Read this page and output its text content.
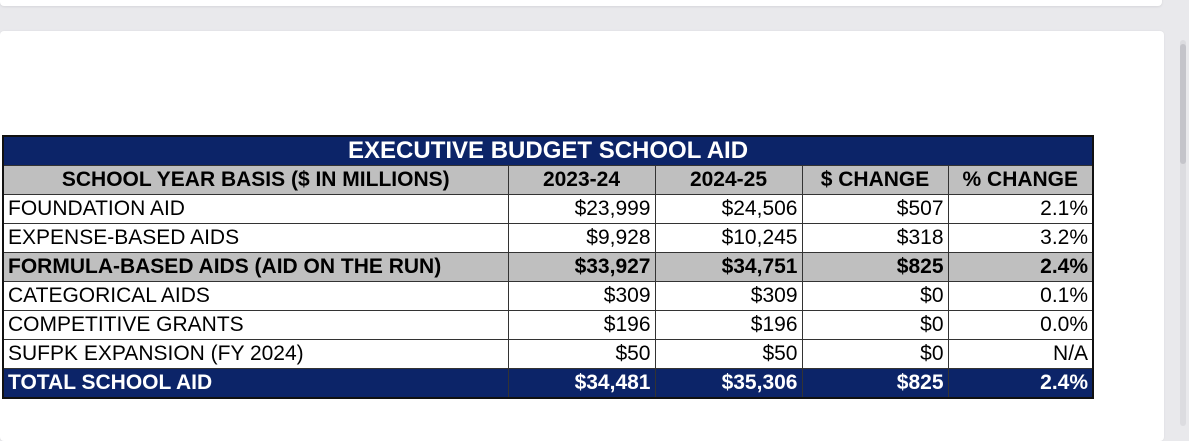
EXECUTIVE BUDGET SCHOOL AID				
SCHOOL YEAR BASIS ($ IN MILLIONS)	2023-24	2024-25	$ CHANGE	% CHANGE
FOUNDATION AID	$23,999	$24,506	$507	2.1%
EXPENSE-BASED AIDS	$9,928	$10,245	$318	3.2%
FORMULA-BASED AIDS (AID ON THE RUN)	$33,927	$34,751	$825	2.4%
CATEGORICAL AIDS	$309	$309	$0	0.1%
COMPETITIVE GRANTS	$196	$196	$0	0.0%
SUFPK EXPANSION (FY 2024)	$50	$50	$0	N/A
TOTAL SCHOOL AID	$34,481	$35,306	$825	2.4%
